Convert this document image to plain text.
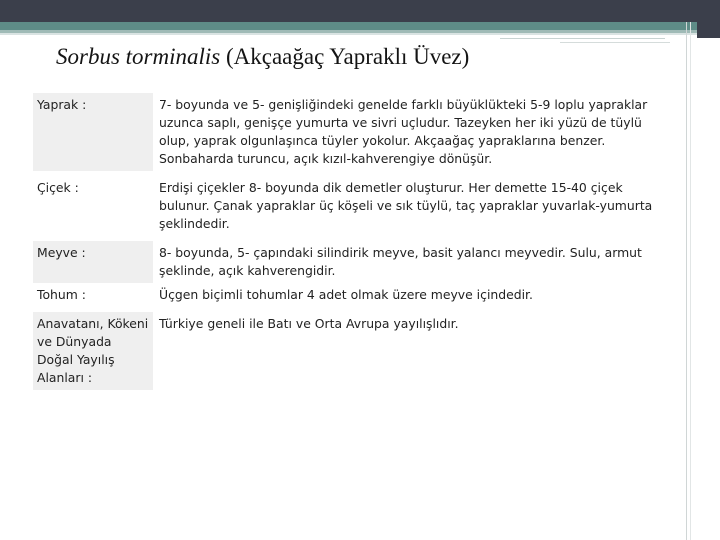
Sorbus torminalis (Akçaağaç Yapraklı Üvez)
Yaprak :	7- boyunda ve 5- genişliğindeki genelde farklı büyüklükteki 5-9 loplu yapraklar uzunca saplı, genişçe yumurta ve sivri uçludur. Tazeyken her iki yüzü de tüylü olup, yaprak olgunlaşınca tüyler yokolur. Akçaağaç yapraklarına benzer. Sonbaharda turuncu, açık kızıl-kahverengiye dönüşür.

Çiçek :	Erdişi çiçekler 8- boyunda dik demetler oluşturur. Her demette 15-40 çiçek bulunur. Çanak yapraklar üç köşeli ve sık tüylü, taç yapraklar yuvarlak-yumurta şeklindedir.

Meyve :	8- boyunda, 5- çapındaki silindirik meyve, basit yalancı meyvedir. Sulu, armut şeklinde, açık kahverengidir.
Tohum :	Üçgen biçimli tohumlar 4 adet olmak üzere meyve içindedir.

Anavatanı, Kökeni ve Dünyada Doğal Yayılış Alanları :	Türkiye geneli ile Batı ve Orta Avrupa yayılışlıdır.
